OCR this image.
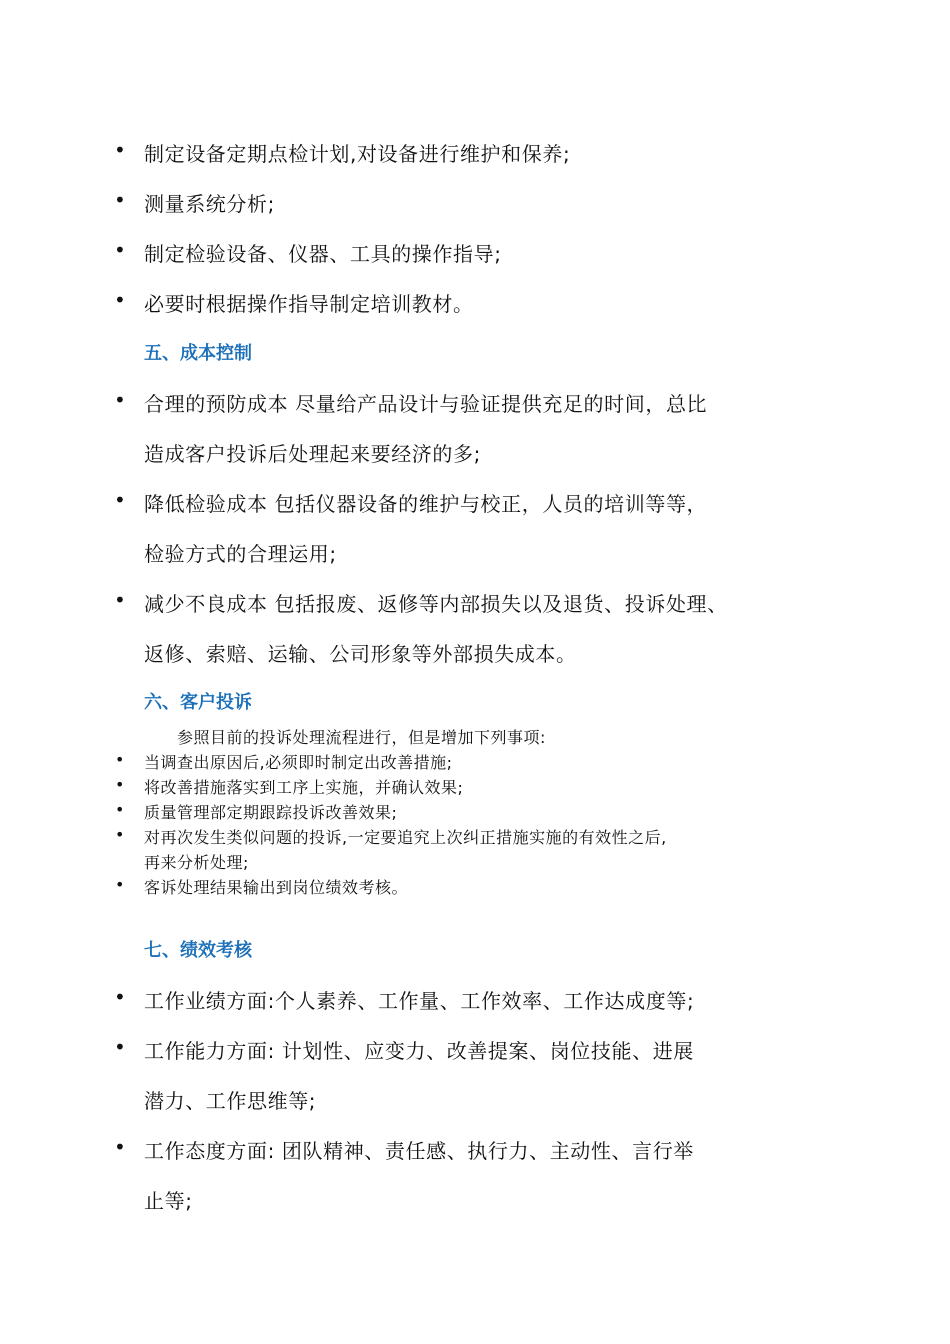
• 制定设备定期点检计划,对设备进行维护和保养;
• 测量系统分析;
• 制定检验设备、仪器、工具的操作指导;
• 必要时根据操作指导制定培训教材。
五、成本控制
• 合理的预防成本 尽量给产品设计与验证提供充足的时间，总比
造成客户投诉后处理起来要经济的多;
• 降低检验成本 包括仪器设备的维护与校正，人员的培训等等，
检验方式的合理运用;
• 减少不良成本 包括报废、返修等内部损失以及退货、投诉处理、
返修、索赔、运输、公司形象等外部损失成本。
六、客户投诉
参照目前的投诉处理流程进行，但是增加下列事项:
• 当调查出原因后,必须即时制定出改善措施;
• 将改善措施落实到工序上实施，并确认效果;
• 质量管理部定期跟踪投诉改善效果;
• 对再次发生类似问题的投诉,一定要追究上次纠正措施实施的有效性之后,
再来分析处理;
• 客诉处理结果输出到岗位绩效考核。
七、绩效考核
• 工作业绩方面:个人素养、工作量、工作效率、工作达成度等;
• 工作能力方面: 计划性、应变力、改善提案、岗位技能、进展
潜力、工作思维等;
• 工作态度方面: 团队精神、责任感、执行力、主动性、言行举
止等;
